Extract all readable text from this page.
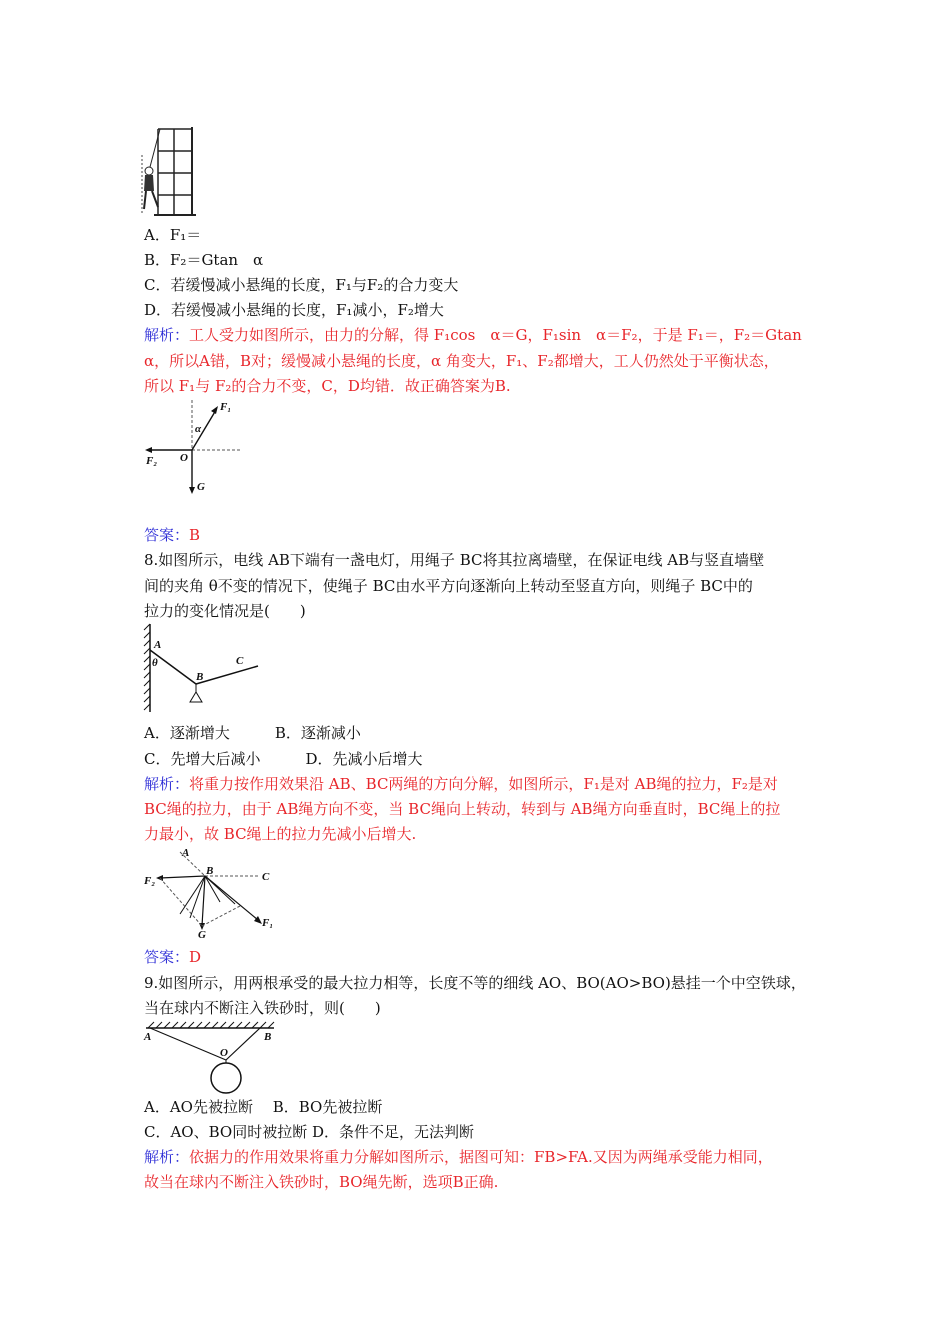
A．F₁＝
B．F₂＝Gtan　α
C．若缓慢减小悬绳的长度，F₁与F₂的合力变大
D．若缓慢减小悬绳的长度，F₁减小，F₂增大
解析：工人受力如图所示，由力的分解，得 F₁cos　α＝G，F₁sin　α＝F₂，于是 F₁＝，F₂＝Gtan
α，所以A错，B对；缓慢减小悬绳的长度，α 角变大，F₁、F₂都增大，工人仍然处于平衡状态，
所以 F₁与 F₂的合力不变，C，D均错．故正确答案为B.
F₁
α
F₂ O
G
答案：B
8.如图所示，电线 AB下端有一盏电灯，用绳子 BC将其拉离墙壁，在保证电线 AB与竖直墙壁
间的夹角 θ不变的情况下，使绳子 BC由水平方向逐渐向上转动至竖直方向，则绳子 BC中的
拉力的变化情况是(　　)
A
θ
B
C
A．逐渐增大　　　B．逐渐减小
C．先增大后减小　　　D．先减小后增大
解析：将重力按作用效果沿 AB、BC两绳的方向分解，如图所示，F₁是对 AB绳的拉力，F₂是对
BC绳的拉力，由于 AB绳方向不变，当 BC绳向上转动，转到与 AB绳方向垂直时，BC绳上的拉
力最小，故 BC绳上的拉力先减小后增大.
A
B	C
F₂
G
F₁
答案：D
9.如图所示，用两根承受的最大拉力相等，长度不等的细线 AO、BO(AO>BO)悬挂一个中空铁球，
当在球内不断注入铁砂时，则(　　)
A	B
O
A．AO先被拉断　 B．BO先被拉断
C．AO、BO同时被拉断 D．条件不足，无法判断
解析：依据力的作用效果将重力分解如图所示，据图可知：FB>FA.又因为两绳承受能力相同，
故当在球内不断注入铁砂时，BO绳先断，选项B正确.
